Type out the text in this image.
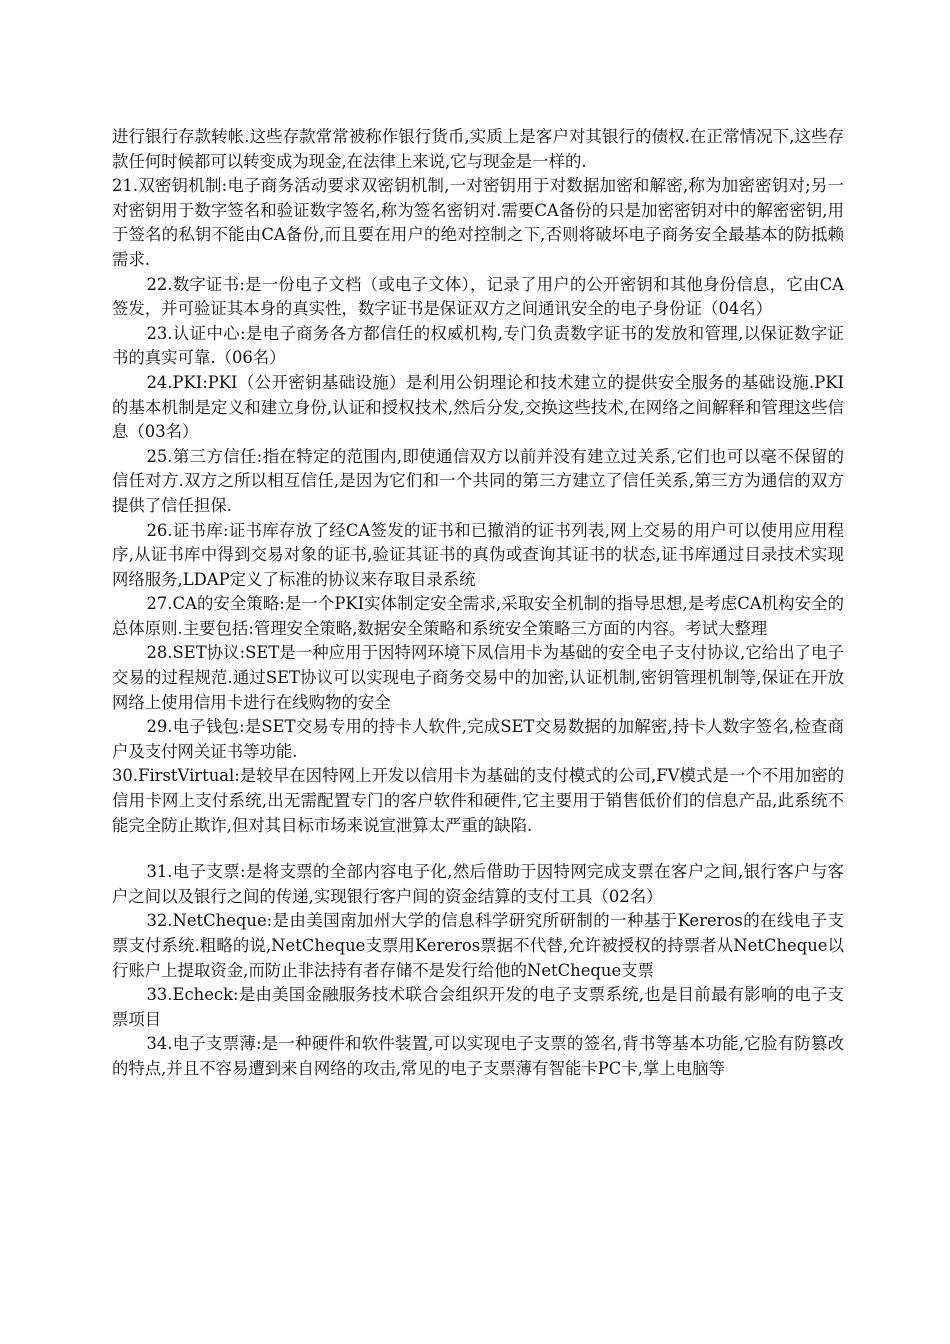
进行银行存款转帐.这些存款常常被称作银行货币,实质上是客户对其银行的债权.在正常情况下,这些存款任何时候都可以转变成为现金,在法律上来说,它与现金是一样的.

21.双密钥机制:电子商务活动要求双密钥机制,一对密钥用于对数据加密和解密,称为加密密钥对;另一对密钥用于数字签名和验证数字签名,称为签名密钥对.需要CA备份的只是加密密钥对中的解密密钥,用于签名的私钥不能由CA备份,而且要在用户的绝对控制之下,否则将破坏电子商务安全最基本的防抵赖需求.

22.数字证书:是一份电子文档（或电子文体），记录了用户的公开密钥和其他身份信息，它由CA签发，并可验证其本身的真实性，数字证书是保证双方之间通讯安全的电子身份证（04名）

23.认证中心:是电子商务各方都信任的权威机构,专门负责数字证书的发放和管理,以保证数字证书的真实可靠.（06名）

24.PKI:PKI（公开密钥基础设施）是利用公钥理论和技术建立的提供安全服务的基础设施.PKI的基本机制是定义和建立身份,认证和授权技术,然后分发,交换这些技术,在网络之间解释和管理这些信息（03名）

25.第三方信任:指在特定的范围内,即使通信双方以前并没有建立过关系,它们也可以毫不保留的信任对方.双方之所以相互信任,是因为它们和一个共同的第三方建立了信任关系,第三方为通信的双方提供了信任担保.

26.证书库:证书库存放了经CA签发的证书和已撤消的证书列表,网上交易的用户可以使用应用程序,从证书库中得到交易对象的证书,验证其证书的真伪或查询其证书的状态,证书库通过目录技术实现网络服务,LDAP定义了标准的协议来存取目录系统

27.CA的安全策略:是一个PKI实体制定安全需求,采取安全机制的指导思想,是考虑CA机构安全的总体原则.主要包括:管理安全策略,数据安全策略和系统安全策略三方面的内容。考试大整理

28.SET协议:SET是一种应用于因特网环境下凤信用卡为基础的安全电子支付协议,它给出了电子交易的过程规范.通过SET协议可以实现电子商务交易中的加密,认证机制,密钥管理机制等,保证在开放网络上使用信用卡进行在线购物的安全

29.电子钱包:是SET交易专用的持卡人软件,完成SET交易数据的加解密,持卡人数字签名,检查商户及支付网关证书等功能.

30.FirstVirtual:是较早在因特网上开发以信用卡为基础的支付模式的公司,FV模式是一个不用加密的信用卡网上支付系统,出无需配置专门的客户软件和硬件,它主要用于销售低价们的信息产品,此系统不能完全防止欺诈,但对其目标市场来说宣泄算太严重的缺陷.

31.电子支票:是将支票的全部内容电子化,然后借助于因特网完成支票在客户之间,银行客户与客户之间以及银行之间的传递,实现银行客户间的资金结算的支付工具（02名）

32.NetCheque:是由美国南加州大学的信息科学研究所研制的一种基于Kereros的在线电子支票支付系统.粗略的说,NetCheque支票用Kereros票据不代替,允许被授权的持票者从NetCheque以行账户上提取资金,而防止非法持有者存储不是发行给他的NetCheque支票

33.Echeck:是由美国金融服务技术联合会组织开发的电子支票系统,也是目前最有影响的电子支票项目

34.电子支票薄:是一种硬件和软件装置,可以实现电子支票的签名,背书等基本功能,它脸有防篡改的特点,并且不容易遭到来自网络的攻击,常见的电子支票薄有智能卡PC卡,掌上电脑等
